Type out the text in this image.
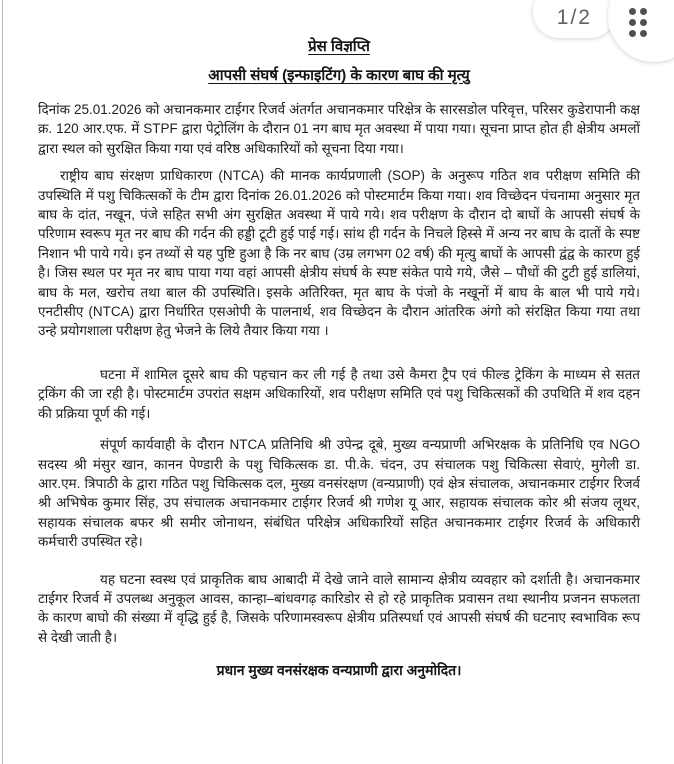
1/2
प्रेस विज्ञप्ति
आपसी संघर्ष (इन्फाइटिंग) के कारण बाघ की मृत्यु

दिनांक 25.01.2026 को अचानकमार टाईगर रिजर्व अंतर्गत अचानकमार परिक्षेत्र के सारसडोल परिवृत्त, परिसर कुडेरापानी कक्ष क्र. 120 आर.एफ. में STPF द्वारा पेट्रोलिंग के दौरान 01 नग बाघ मृत अवस्था में पाया गया। सूचना प्राप्त होत ही क्षेत्रीय अमलों द्वारा स्थल को सुरक्षित किया गया एवं वरिष्ठ अधिकारियों को सूचना दिया गया।

राष्ट्रीय बाघ संरक्षण प्राधिकारण (NTCA) की मानक कार्यप्रणाली (SOP) के अनुरूप गठित शव परीक्षण समिति की उपस्थिति में पशु चिकित्सकों के टीम द्वारा दिनांक 26.01.2026 को पोस्टमार्टम किया गया। शव विच्छेदन पंचनामा अनुसार मृत बाघ के दांत, नखून, पंजे सहित सभी अंग सुरक्षित अवस्था में पाये गये। शव परीक्षण के दौरान दो बाघों के आपसी संघर्ष के परिणाम स्वरूप मृत नर बाघ की गर्दन की हड्डी टूटी हुई पाई गई। सांथ ही गर्दन के निचले हिस्से में अन्य नर बाघ के दातों के स्पष्ट निशान भी पाये गये। इन तथ्यों से यह पुष्टि हुआ है कि नर बाघ (उम्र लगभग 02 वर्ष) की मृत्यु बाघों के आपसी द्वंद्व के कारण हुई है। जिस स्थल पर मृत नर बाघ पाया गया वहां आपसी क्षेत्रीय संघर्ष के स्पष्ट संकेत पाये गये, जैसे – पौधों की टुटी हुई डालियां, बाघ के मल, खरोच तथा बाल की उपस्थिति। इसके अतिरिक्त, मृत बाघ के पंजो के नखूनों में बाघ के बाल भी पाये गये। एनटीसीए (NTCA) द्वारा निर्धारित एसओपी के पालनार्थ, शव विच्छेदन के दौरान आंतरिक अंगो को संरक्षित किया गया तथा उन्हे प्रयोगशाला परीक्षण हेतु भेजने के लिये तैयार किया गया ।

घटना में शामिल दूसरे बाघ की पहचान कर ली गई है तथा उसे कैमरा ट्रैप एवं फील्ड ट्रेकिंग के माध्यम से सतत ट्रकिंग की जा रही है। पोस्टमार्टम उपरांत सक्षम अधिकारियों, शव परीक्षण समिति एवं पशु चिकित्सकों की उपथिति में शव दहन की प्रक्रिया पूर्ण की गई।

संपूर्ण कार्यवाही के दौरान NTCA प्रतिनिधि श्री उपेन्द्र दूबे, मुख्य वन्यप्राणी अभिरक्षक के प्रतिनिधि एव NGO सदस्य श्री मंसुर खान, कानन पेण्डारी के पशु चिकित्सक डा. पी.के. चंदन, उप संचालक पशु चिकित्सा सेवाएं, मुगेली डा. आर.एम. त्रिपाठी के द्वारा गठित पशु चिकित्सक दल, मुख्य वनसंरक्षण (वन्यप्राणी) एवं क्षेत्र संचालक, अचानकमार टाईगर रिजर्व श्री अभिषेक कुमार सिंह, उप संचालक अचानकमार टाईगर रिजर्व श्री गणेश यू आर, सहायक संचालक कोर श्री संजय लूथर, सहायक संचालक बफर श्री समीर जोनाथन, संबंधित परिक्षेत्र अधिकारियों सहित अचानकमार टाईगर रिजर्व के अधिकारी कर्मचारी उपस्थित रहे।

यह घटना स्वस्थ एवं प्राकृतिक बाघ आबादी में देखे जाने वाले सामान्य क्षेत्रीय व्यवहार को दर्शाती है। अचानकमार टाईगर रिजर्व में उपलब्ध अनुकूल आवस, कान्हा–बांधवगढ़ कारिडोर से हो रहे प्राकृतिक प्रवासन तथा स्थानीय प्रजनन सफलता के कारण बाघो की संख्या में वृद्धि हुई है, जिसके परिणामस्वरूप क्षेत्रीय प्रतिस्पर्धा एवं आपसी संघर्ष की घटनाए स्वभाविक रूप से देखी जाती है।

प्रधान मुख्य वनसंरक्षक वन्यप्राणी द्वारा अनुमोदित।
